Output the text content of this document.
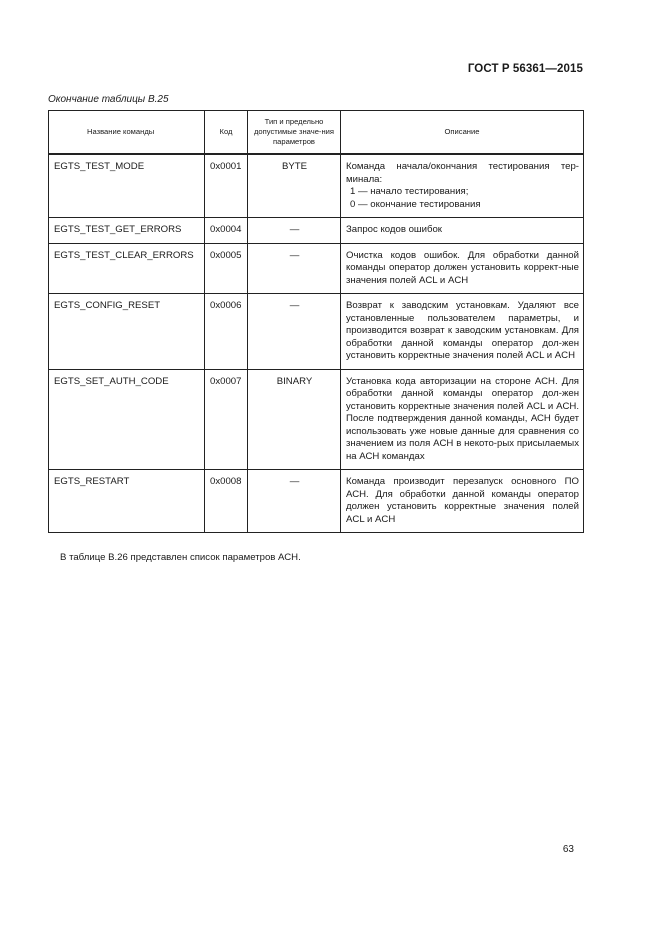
ГОСТ Р 56361—2015
Окончание таблицы В.25
Название команды	Код	Тип и предельно допустимые значе-ния параметров	Описание
EGTS_TEST_MODE	0x0001	BYTE	Команда начала/окончания тестирования тер-минала:
1 — начало тестирования;
0 — окончание тестирования

EGTS_TEST_GET_ERRORS	0x0004	—	Запрос кодов ошибок

EGTS_TEST_CLEAR_ERRORS	0x0005	—	Очистка кодов ошибок. Для обработки данной команды оператор должен установить коррект-ные значения полей ACL и ACH

EGTS_CONFIG_RESET	0x0006	—	Возврат к заводским установкам. Удаляют все установленные пользователем параметры, и производится возврат к заводским установкам. Для обработки данной команды оператор дол-жен установить корректные значения полей ACL и ACH

EGTS_SET_AUTH_CODE	0x0007	BINARY	Установка кода авторизации на стороне АСН. Для обработки данной команды оператор дол-жен установить корректные значения полей ACL и ACH. После подтверждения данной команды, АСН будет использовать уже новые данные для сравнения со значением из поля ACH в некото-рых присылаемых на АСН командах

EGTS_RESTART	0x0008	—	Команда производит перезапуск основного ПО АСН. Для обработки данной команды оператор должен установить корректные значения полей ACL и ACH
В таблице В.26 представлен список параметров АСН.
63
